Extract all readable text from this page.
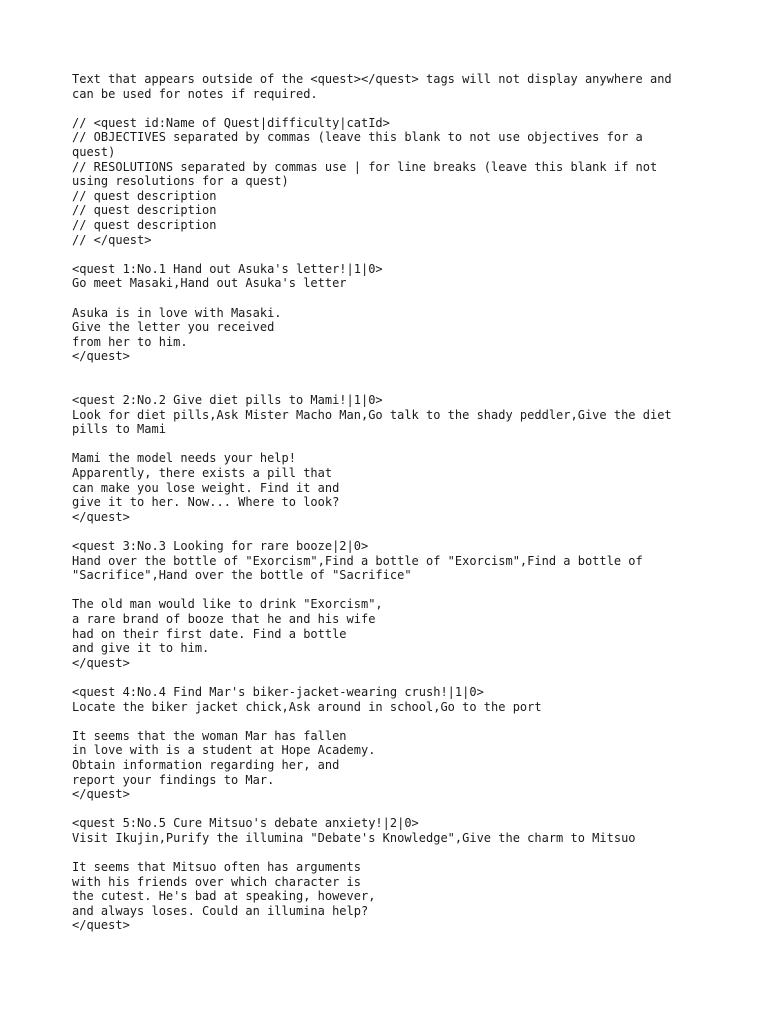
Text that appears outside of the <quest></quest> tags will not display anywhere and
can be used for notes if required.
// <quest id:Name of Quest|difficulty|catId>
// OBJECTIVES separated by commas (leave this blank to not use objectives for a
quest)
// RESOLUTIONS separated by commas use | for line breaks (leave this blank if not
using resolutions for a quest)
// quest description
// quest description
// quest description
// </quest>
<quest 1:No.1 Hand out Asuka's letter!|1|0>
Go meet Masaki,Hand out Asuka's letter
Asuka is in love with Masaki.
Give the letter you received
from her to him.
</quest>
<quest 2:No.2 Give diet pills to Mami!|1|0>
Look for diet pills,Ask Mister Macho Man,Go talk to the shady peddler,Give the diet
pills to Mami
Mami the model needs your help!
Apparently, there exists a pill that
can make you lose weight. Find it and
give it to her. Now... Where to look?
</quest>
<quest 3:No.3 Looking for rare booze|2|0>
Hand over the bottle of "Exorcism",Find a bottle of "Exorcism",Find a bottle of
"Sacrifice",Hand over the bottle of "Sacrifice"
The old man would like to drink "Exorcism",
a rare brand of booze that he and his wife
had on their first date. Find a bottle
and give it to him.
</quest>
<quest 4:No.4 Find Mar's biker-jacket-wearing crush!|1|0>
Locate the biker jacket chick,Ask around in school,Go to the port
It seems that the woman Mar has fallen
in love with is a student at Hope Academy.
Obtain information regarding her, and
report your findings to Mar.
</quest>
<quest 5:No.5 Cure Mitsuo's debate anxiety!|2|0>
Visit Ikujin,Purify the illumina "Debate's Knowledge",Give the charm to Mitsuo
It seems that Mitsuo often has arguments
with his friends over which character is
the cutest. He's bad at speaking, however,
and always loses. Could an illumina help?
</quest>
